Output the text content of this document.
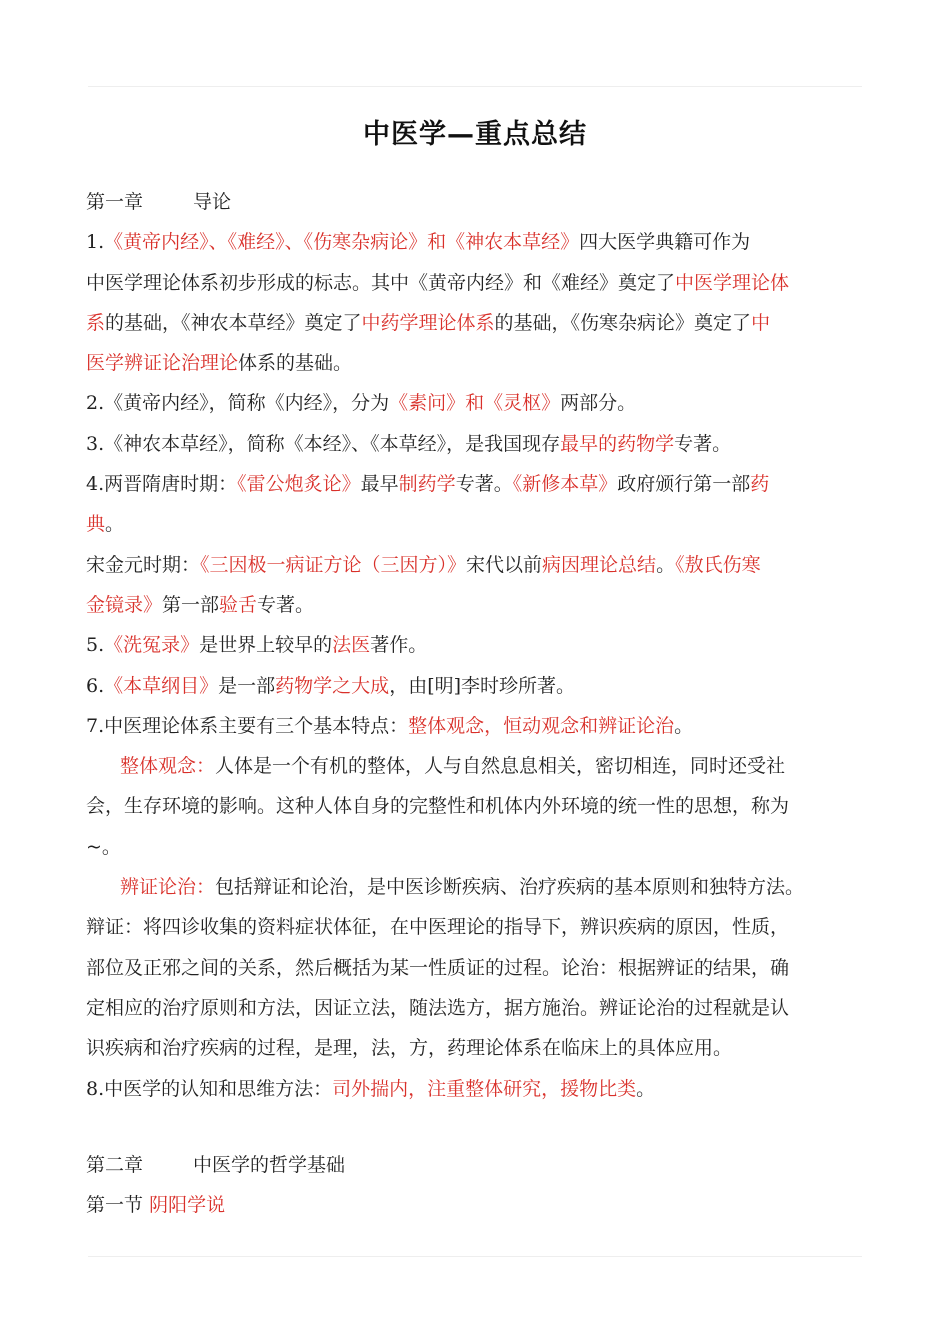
中医学—重点总结
第一章	导论
1.《黄帝内经》、《难经》、《伤寒杂病论》和《神农本草经》四大医学典籍可作为
中医学理论体系初步形成的标志。其中《黄帝内经》和《难经》奠定了中医学理论体
系的基础，《神农本草经》奠定了中药学理论体系的基础，《伤寒杂病论》奠定了中
医学辨证论治理论体系的基础。
2.《黄帝内经》，简称《内经》，分为《素问》和《灵枢》两部分。
3.《神农本草经》，简称《本经》、《本草经》，是我国现存最早的药物学专著。
4.两晋隋唐时期：《雷公炮炙论》最早制药学专著。《新修本草》政府颁行第一部药
典。
宋金元时期：《三因极一病证方论（三因方）》宋代以前病因理论总结。《敖氏伤寒
金镜录》第一部验舌专著。
5.《洗冤录》是世界上较早的法医著作。
6.《本草纲目》是一部药物学之大成，由[明]李时珍所著。
7.中医理论体系主要有三个基本特点：整体观念，恒动观念和辨证论治。
整体观念：人体是一个有机的整体，人与自然息息相关，密切相连，同时还受社
会，生存环境的影响。这种人体自身的完整性和机体内外环境的统一性的思想，称为
~。
辨证论治：包括辩证和论治，是中医诊断疾病、治疗疾病的基本原则和独特方法。
辩证：将四诊收集的资料症状体征，在中医理论的指导下，辨识疾病的原因，性质，
部位及正邪之间的关系，然后概括为某一性质证的过程。论治：根据辨证的结果，确
定相应的治疗原则和方法，因证立法，随法选方，据方施治。辨证论治的过程就是认
识疾病和治疗疾病的过程，是理，法，方，药理论体系在临床上的具体应用。
8.中医学的认知和思维方法：司外揣内，注重整体研究，援物比类。
第二章	中医学的哲学基础
第一节 阴阳学说
